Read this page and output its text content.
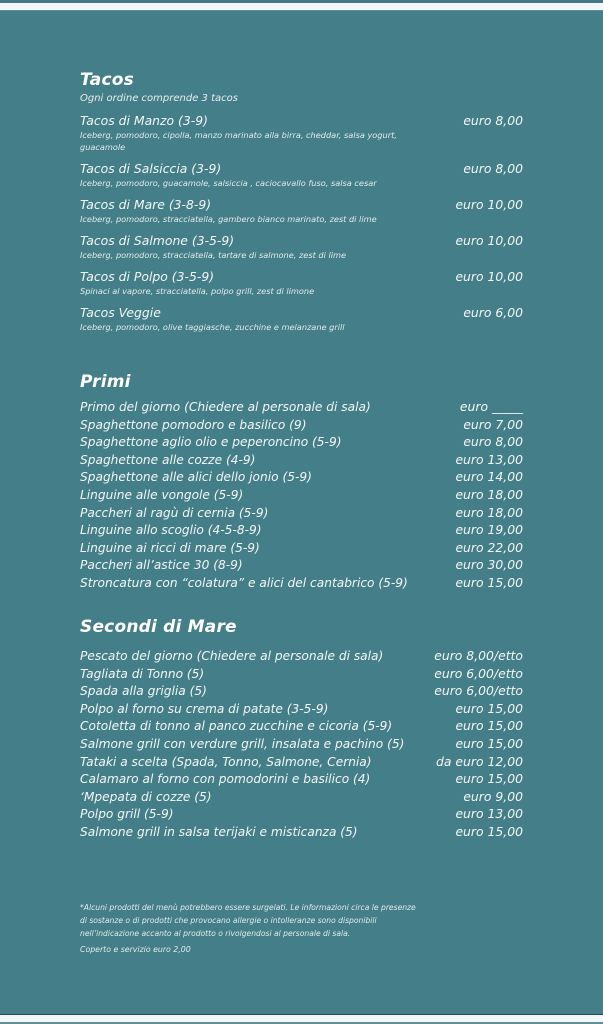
Tacos

Ogni ordine comprende 3 tacos

Tacos di Manzo (3-9)	euro 8,00
Iceberg, pomodoro, cipolla, manzo marinato alla birra, cheddar, salsa yogurt, guacamole
Tacos di Salsiccia (3-9)	euro 8,00
Iceberg, pomodoro, guacamole, salsiccia , caciocavallo fuso, salsa cesar
Tacos di Mare (3-8-9)	euro 10,00
Iceberg, pomodoro, stracciatella, gambero bianco marinato, zest di lime
Tacos di Salmone (3-5-9)	euro 10,00
Iceberg, pomodoro, stracciatella, tartare di salmone, zest di lime
Tacos di Polpo (3-5-9)	euro 10,00
Spinaci al vapore, stracciatella, polpo grill, zest di limone
Tacos Veggie	euro 6,00
Iceberg, pomodoro, olive taggiasche, zucchine e melanzane grill
Primi
Primo del giorno (Chiedere al personale di sala)	euro _____
Spaghettone pomodoro e basilico (9)	euro 7,00
Spaghettone aglio olio e peperoncino (5-9)	euro 8,00
Spaghettone alle cozze (4-9)	euro 13,00
Spaghettone alle alici dello jonio (5-9)	euro 14,00
Linguine alle vongole (5-9)	euro 18,00
Paccheri al ragù di cernia (5-9)	euro 18,00
Linguine allo scoglio (4-5-8-9)	euro 19,00
Linguine ai ricci di mare (5-9)	euro 22,00
Paccheri all’astice 30 (8-9)	euro 30,00
Stroncatura con “colatura” e alici del cantabrico (5-9)	euro 15,00
Secondi di Mare
Pescato del giorno (Chiedere al personale di sala)	euro 8,00/etto
Tagliata di Tonno (5)	euro 6,00/etto
Spada alla griglia (5)	euro 6,00/etto
Polpo al forno su crema di patate (3-5-9)	euro 15,00
Cotoletta di tonno al panco zucchine e cicoria (5-9)	euro 15,00
Salmone grill con verdure grill, insalata e pachino (5)	euro 15,00
Tataki a scelta (Spada, Tonno, Salmone, Cernia)	da euro 12,00
Calamaro al forno con pomodorini e basilico (4)	euro 15,00
‘Mpepata di cozze (5)	euro 9,00
Polpo grill (5-9)	euro 13,00
Salmone grill in salsa terijaki e misticanza (5)	euro 15,00

*Alcuni prodotti del menù potrebbero essere surgelati. Le informazioni circa le presenze

di sostanze o di prodotti che provocano allergie o intolleranze sono disponibili

nell’indicazione accanto al prodotto o rivolgendosi al personale di sala.

Coperto e servizio euro 2,00
